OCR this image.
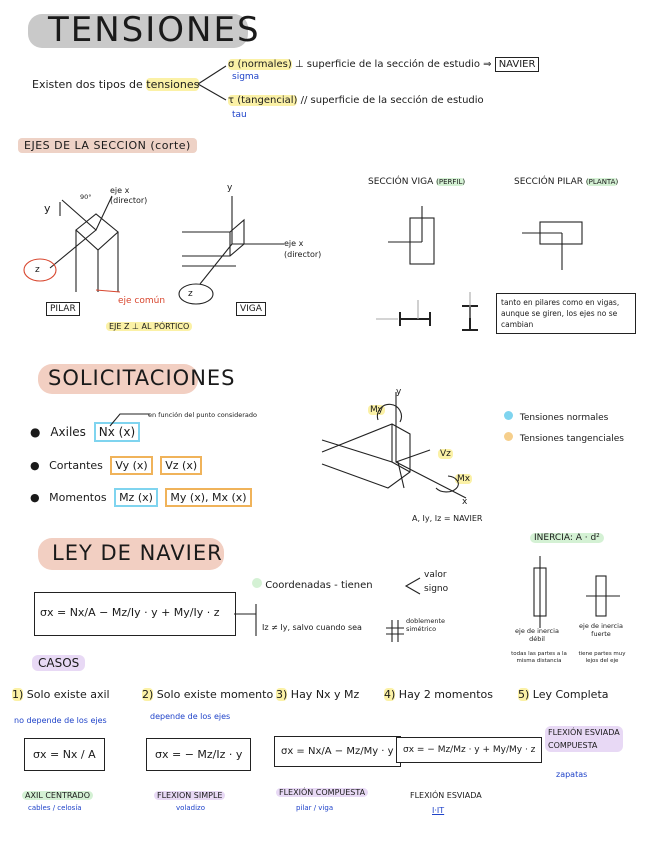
TENSIONES
Existen dos tipos de tensiones
σ (normales) ⊥ superficie de la sección de estudio ⇒ NAVIER
sigma
τ (tangencial) // superficie de la sección de estudio
tau
EJES DE LA SECCION (corte)
eje x
(director)
90°
y
z
PILAR
eje común
EJE Z ⊥ AL PÓRTICO
y
z
VIGA
eje x
(director)
SECCIÓN VIGA (PERFIL)	SECCIÓN PILAR (PLANTA)
tanto en pilares como en vigas, aunque se giren, los ejes no se cambian
SOLICITACIONES
● Axiles Nx (x)
en función del punto considerado
● Cortantes Vy (x) Vz (x)
● Momentos Mz (x) My (x), Mx (x)
Tensiones normales
Tensiones tangenciales
My
y
Vz
Mx
x
A, Iy, Iz = NAVIER
LEY DE NAVIER
INERCIA: A · d²
Coordenadas - tienen
valor
signo
σx = Nx/A − Mz/Iy · y + My/Iy · z
Iz ≠ Iy, salvo cuando sea
doblemente simétrico	eje de inercia débil
eje de inercia fuerte
todas las partes a la misma distancia
tiene partes muy lejos del eje
CASOS
1) Solo existe axil
no depende de los ejes
σx = Nx / A
AXIL CENTRADO
cables / celosía
2) Solo existe momento
depende de los ejes
σx = − Mz/Iz · y
FLEXION SIMPLE
voladizo
3) Hay Nx y Mz
σx = Nx/A − Mz/My · y
FLEXIÓN COMPUESTA
pilar / viga
4) Hay 2 momentos
σx = − Mz/Mz · y + My/My · z
FLEXIÓN ESVIADA
I·IT
5) Ley Completa
FLEXIÓN ESVIADA COMPUESTA
zapatas
